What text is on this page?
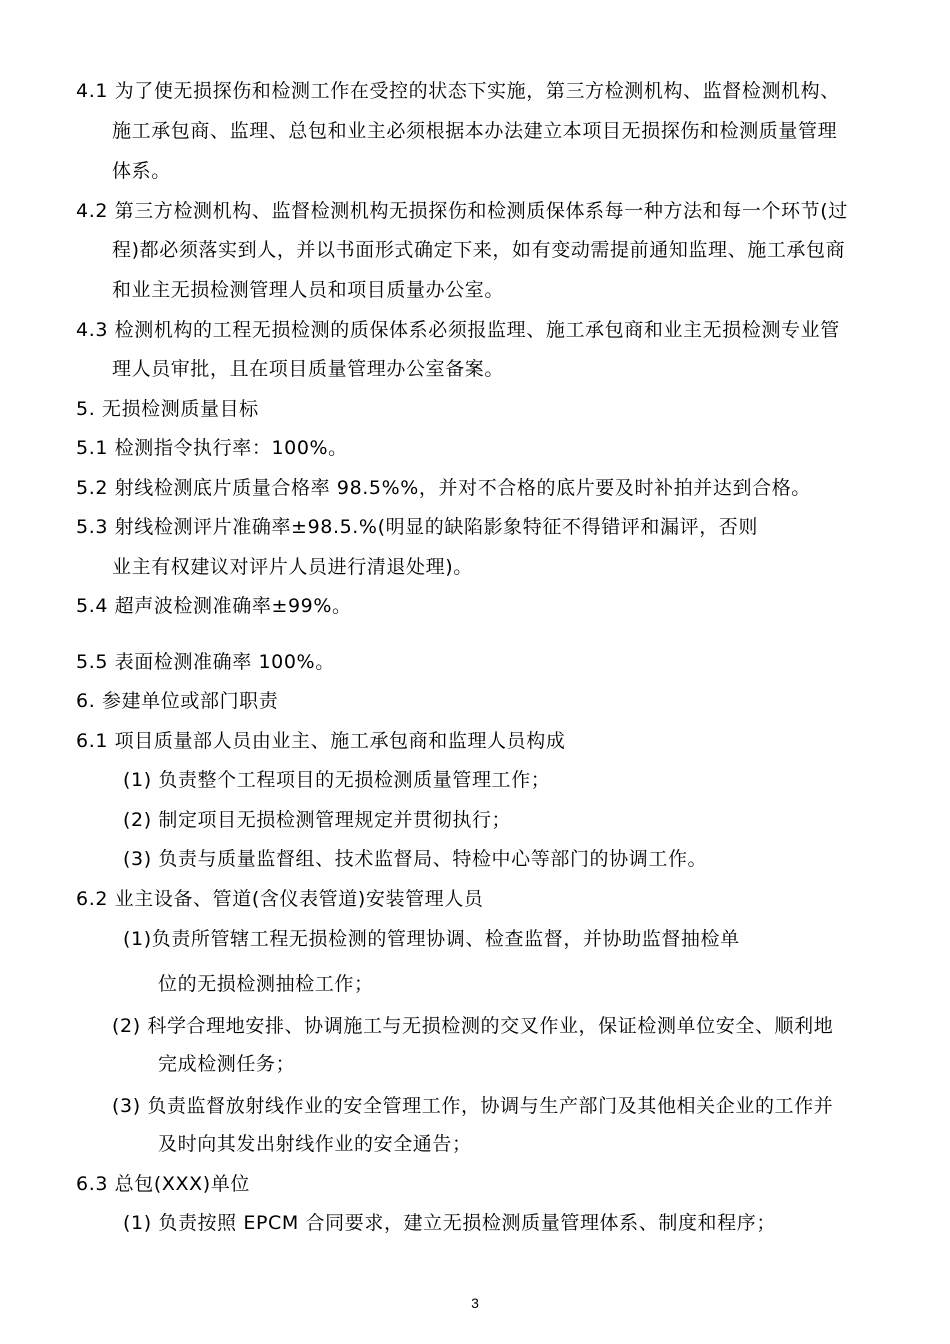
4.1 为了使无损探伤和检测工作在受控的状态下实施，第三方检测机构、监督检测机构、
施工承包商、监理、总包和业主必须根据本办法建立本项目无损探伤和检测质量管理
体系。
4.2 第三方检测机构、监督检测机构无损探伤和检测质保体系每一种方法和每一个环节(过
程)都必须落实到人，并以书面形式确定下来，如有变动需提前通知监理、施工承包商
和业主无损检测管理人员和项目质量办公室。
4.3 检测机构的工程无损检测的质保体系必须报监理、施工承包商和业主无损检测专业管
理人员审批，且在项目质量管理办公室备案。
5. 无损检测质量目标
5.1 检测指令执行率：100%。
5.2 射线检测底片质量合格率 98.5%%，并对不合格的底片要及时补拍并达到合格。
5.3 射线检测评片准确率±98.5.%(明显的缺陷影象特征不得错评和漏评，否则
业主有权建议对评片人员进行清退处理)。
5.4 超声波检测准确率±99%。
5.5 表面检测准确率 100%。
6. 参建单位或部门职责
6.1 项目质量部人员由业主、施工承包商和监理人员构成
(1) 负责整个工程项目的无损检测质量管理工作；
(2) 制定项目无损检测管理规定并贯彻执行；
(3) 负责与质量监督组、技术监督局、特检中心等部门的协调工作。
6.2 业主设备、管道(含仪表管道)安装管理人员
(1)负责所管辖工程无损检测的管理协调、检查监督，并协助监督抽检单
位的无损检测抽检工作；
(2) 科学合理地安排、协调施工与无损检测的交叉作业，保证检测单位安全、顺利地
完成检测任务；
(3) 负责监督放射线作业的安全管理工作，协调与生产部门及其他相关企业的工作并
及时向其发出射线作业的安全通告；
6.3 总包(XXX)单位
(1) 负责按照 EPCM 合同要求，建立无损检测质量管理体系、制度和程序；
3
